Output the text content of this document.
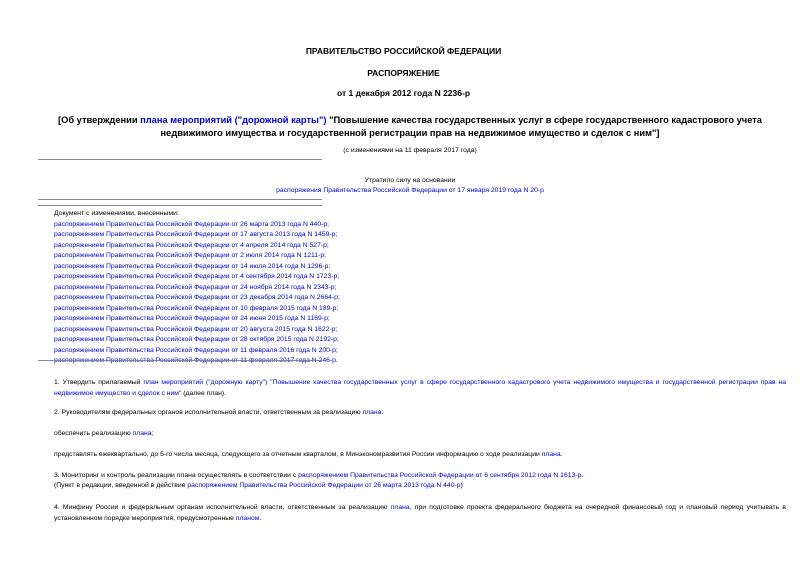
ПРАВИТЕЛЬСТВО РОССИЙСКОЙ ФЕДЕРАЦИИ
РАСПОРЯЖЕНИЕ
от 1 декабря 2012 года N 2236-р
[Об утверждении плана мероприятий ("дорожной карты") "Повышение качества государственных услуг в сфере государственного кадастрового учета недвижимого имущества и государственной регистрации прав на недвижимое имущество и сделок с ним"]
(с изменениями на 11 февраля 2017 года)
Утратило силу на основании
распоряжения Правительства Российской Федерации от 17 января 2019 года N 20-р
Документ с изменениями, внесенными:
распоряжением Правительства Российской Федерации от 26 марта 2013 года N 440-р;
распоряжением Правительства Российской Федерации от 17 августа 2013 года N 1459-р;
распоряжением Правительства Российской Федерации от 4 апреля 2014 года N 527-р;
распоряжением Правительства Российской Федерации от 2 июля 2014 года N 1211-р;
распоряжением Правительства Российской Федерации от 14 июля 2014 года N 1296-р;
распоряжением Правительства Российской Федерации от 4 сентября 2014 года N 1723-р;
распоряжением Правительства Российской Федерации от 24 ноября 2014 года N 2343-р;
распоряжением Правительства Российской Федерации от 23 декабря 2014 года N 2664-р;
распоряжением Правительства Российской Федерации от 10 февраля 2015 года N 189-р;
распоряжением Правительства Российской Федерации от 24 июня 2015 года N 1169-р;
распоряжением Правительства Российской Федерации от 20 августа 2015 года N 1622-р;
распоряжением Правительства Российской Федерации от 28 октября 2015 года N 2192-р;
распоряжением Правительства Российской Федерации от 11 февраля 2016 года N 200-р;
распоряжением Правительства Российской Федерации от 11 февраля 2017 года N 246-р.
1. Утвердить прилагаемый план мероприятий ("дорожную карту") "Повышение качества государственных услуг в сфере государственного кадастрового учета недвижимого имущества и государственной регистрации прав на недвижимое имущество и сделок с ним" (далее план).
2. Руководителям федеральных органов исполнительной власти, ответственным за реализацию плана:
обеспечить реализацию плана;
представлять ежеквартально, до 5-го числа месяца, следующего за отчетным кварталом, в Минэкономразвития России информацию о ходе реализации плана.
3. Мониторинг и контроль реализации плана осуществлять в соответствии с распоряжением Правительства Российской Федерации от 6 сентября 2012 года N 1613-р.
(Пункт в редакции, введенной в действие распоряжением Правительства Российской Федерации от 26 марта 2013 года N 440-р)
4. Минфину России и федеральным органам исполнительной власти, ответственным за реализацию плана, при подготовке проекта федерального бюджета на очередной финансовый год и плановый период учитывать в установленном порядке мероприятия, предусмотренные планом.
